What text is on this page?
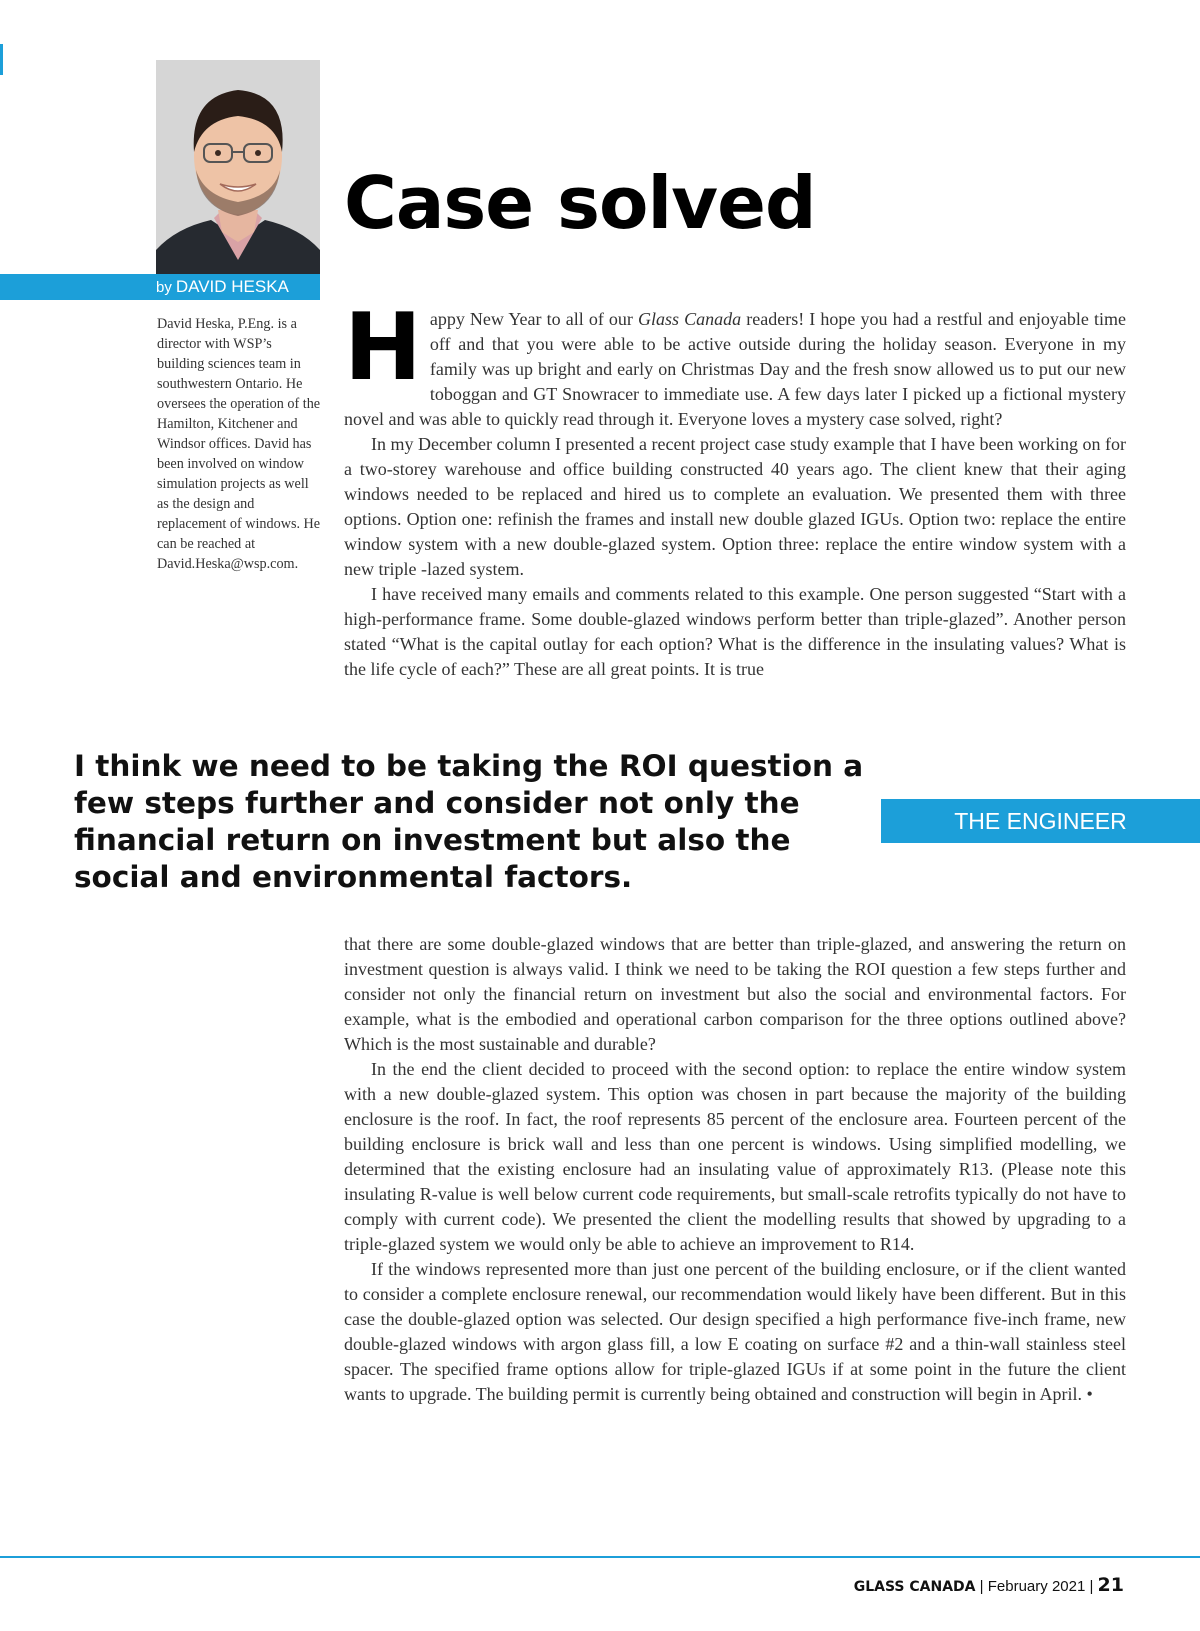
by DAVID HESKA
David Heska, P.Eng. is a director with WSP’s building sciences team in southwestern Ontario. He oversees the operation of the Hamilton, Kitchener and Windsor offices. David has been involved on window simulation projects as well as the design and replacement of windows. He can be reached at David.Heska@wsp.com.
Case solved

Happy New Year to all of our Glass Canada readers! I hope you had a restful and enjoyable time off and that you were able to be active outside during the holiday season. Everyone in my family was up bright and early on Christmas Day and the fresh snow allowed us to put our new toboggan and GT Snowracer to immediate use. A few days later I picked up a fictional mystery novel and was able to quickly read through it. Everyone loves a mystery case solved, right?

In my December column I presented a recent project case study example that I have been working on for a two-storey warehouse and office building constructed 40 years ago. The client knew that their aging windows needed to be replaced and hired us to complete an evaluation. We presented them with three options. Option one: refinish the frames and install new double glazed IGUs. Option two: replace the entire window system with a new double-glazed system. Option three: replace the entire window system with a new triple -lazed system.

I have received many emails and comments related to this example. One person suggested “Start with a high-performance frame. Some double-glazed windows perform better than triple-glazed”. Another person stated “What is the capital outlay for each option? What is the difference in the insulating values? What is the life cycle of each?” These are all great points. It is true

I think we need to be taking the ROI question a few steps further and consider not only the financial return on investment but also the social and environmental factors.

THE ENGINEER

that there are some double-glazed windows that are better than triple-glazed, and answering the return on investment question is always valid. I think we need to be taking the ROI question a few steps further and consider not only the financial return on investment but also the social and environmental factors. For example, what is the embodied and operational carbon comparison for the three options outlined above? Which is the most sustainable and durable?

In the end the client decided to proceed with the second option: to replace the entire window system with a new double-glazed system. This option was chosen in part because the majority of the building enclosure is the roof. In fact, the roof represents 85 percent of the enclosure area. Fourteen percent of the building enclosure is brick wall and less than one percent is windows. Using simplified modelling, we determined that the existing enclosure had an insulating value of approximately R13. (Please note this insulating R-value is well below current code requirements, but small-scale retrofits typically do not have to comply with current code). We presented the client the modelling results that showed by upgrading to a triple-glazed system we would only be able to achieve an improvement to R14.

If the windows represented more than just one percent of the building enclosure, or if the client wanted to consider a complete enclosure renewal, our recommendation would likely have been different. But in this case the double-glazed option was selected. Our design specified a high performance five-inch frame, new double-glazed windows with argon glass fill, a low E coating on surface #2 and a thin-wall stainless steel spacer. The specified frame options allow for triple-glazed IGUs if at some point in the future the client wants to upgrade. The building permit is currently being obtained and construction will begin in April. •

GLASS CANADA | February 2021 | 21
